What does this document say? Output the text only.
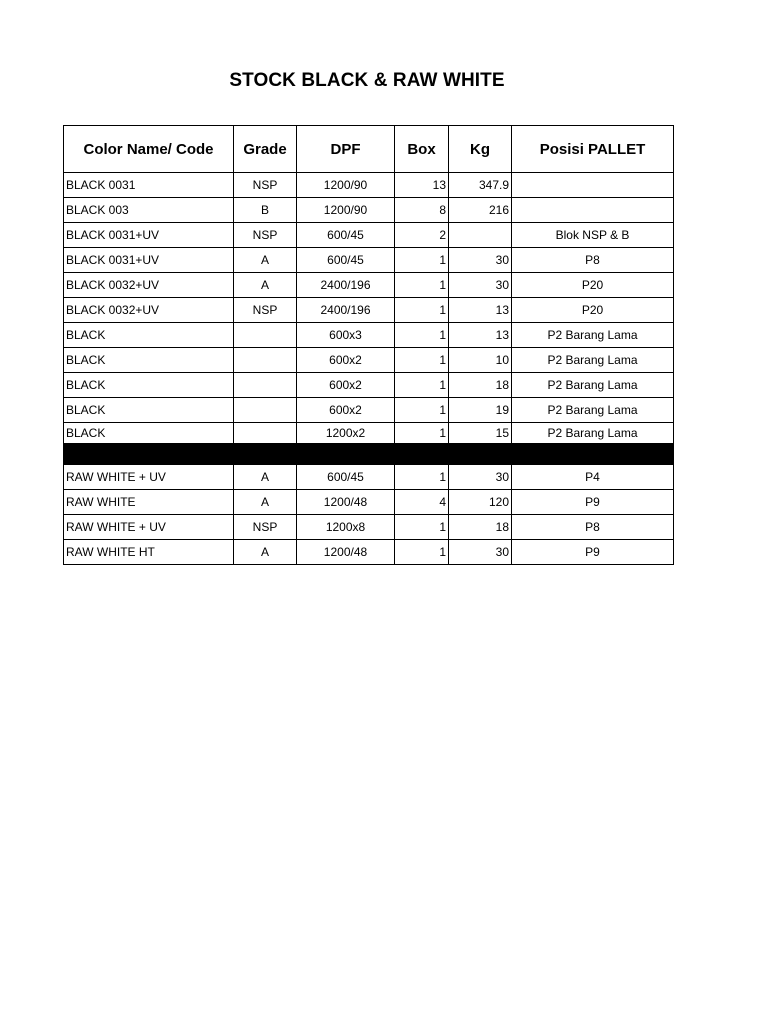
STOCK BLACK & RAW WHITE
Color Name/ Code	Grade	DPF	Box	Kg	Posisi PALLET
BLACK 0031	NSP	1200/90	13	347.9	
BLACK 003	B	1200/90	8	216	
BLACK 0031+UV	NSP	600/45	2		Blok NSP & B
BLACK 0031+UV	A	600/45	1	30	P8
BLACK 0032+UV	A	2400/196	1	30	P20
BLACK 0032+UV	NSP	2400/196	1	13	P20
BLACK		600x3	1	13	P2 Barang Lama
BLACK		600x2	1	10	P2 Barang Lama
BLACK		600x2	1	18	P2 Barang Lama
BLACK		600x2	1	19	P2 Barang Lama
BLACK		1200x2	1	15	P2 Barang Lama

RAW WHITE + UV	A	600/45	1	30	P4
RAW WHITE	A	1200/48	4	120	P9
RAW WHITE + UV	NSP	1200x8	1	18	P8
RAW WHITE HT	A	1200/48	1	30	P9
